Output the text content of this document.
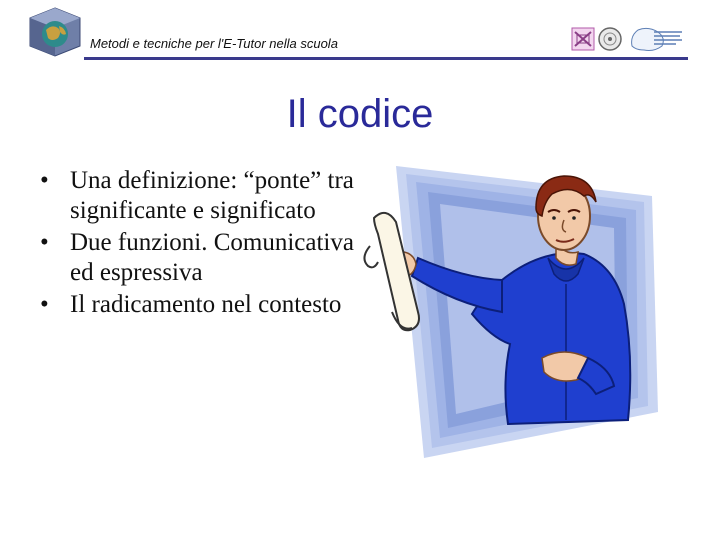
Metodi e tecniche per l'E-Tutor nella scuola
Il codice
• Una definizione: “ponte” tra significante e significato
• Due funzioni. Comunicativa ed espressiva
• Il radicamento nel contesto
